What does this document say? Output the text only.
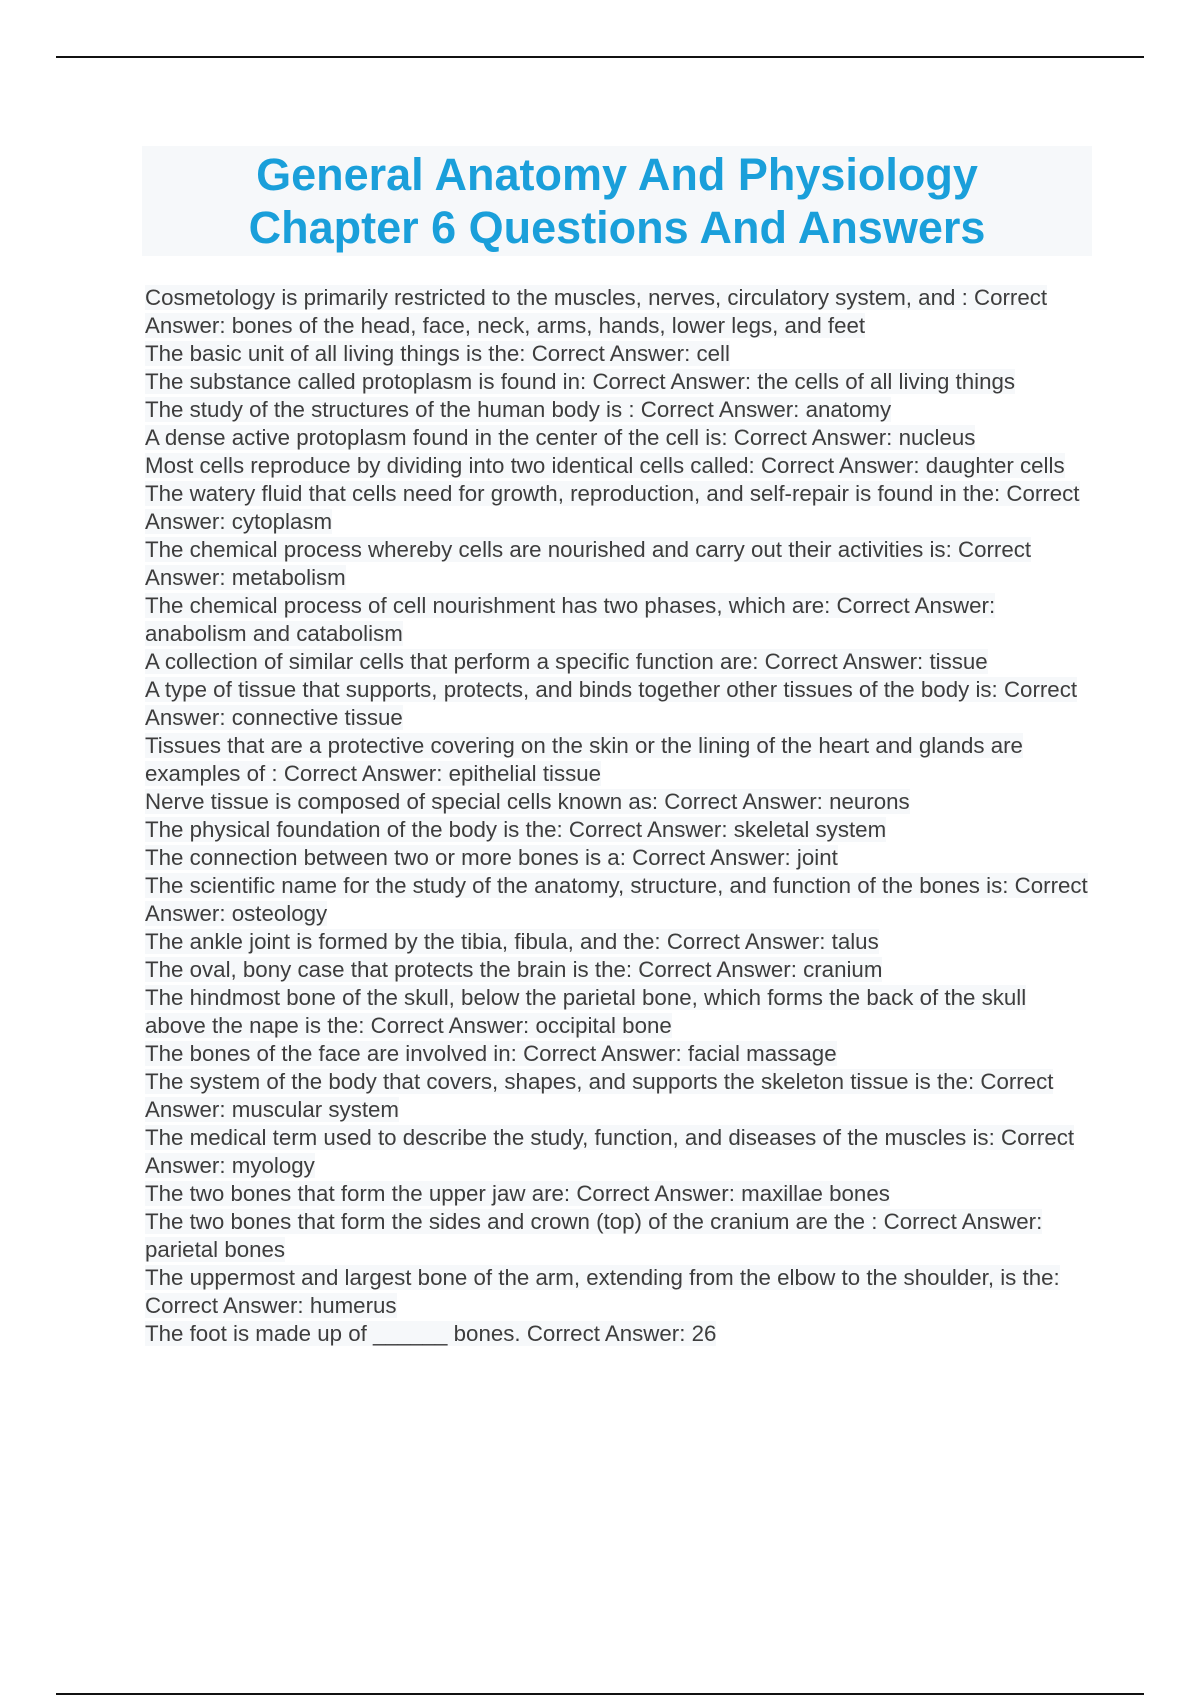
General Anatomy And Physiology
Chapter 6 Questions And Answers
Cosmetology is primarily restricted to the muscles, nerves, circulatory system, and : Correct Answer: bones of the head, face, neck, arms, hands, lower legs, and feet
The basic unit of all living things is the: Correct Answer: cell
The substance called protoplasm is found in: Correct Answer: the cells of all living things
The study of the structures of the human body is : Correct Answer: anatomy
A dense active protoplasm found in the center of the cell is: Correct Answer: nucleus
Most cells reproduce by dividing into two identical cells called: Correct Answer: daughter cells
The watery fluid that cells need for growth, reproduction, and self-repair is found in the: Correct Answer: cytoplasm
The chemical process whereby cells are nourished and carry out their activities is: Correct Answer: metabolism
The chemical process of cell nourishment has two phases, which are: Correct Answer: anabolism and catabolism
A collection of similar cells that perform a specific function are: Correct Answer: tissue
A type of tissue that supports, protects, and binds together other tissues of the body is: Correct Answer: connective tissue
Tissues that are a protective covering on the skin or the lining of the heart and glands are examples of : Correct Answer: epithelial tissue
Nerve tissue is composed of special cells known as: Correct Answer: neurons
The physical foundation of the body is the: Correct Answer: skeletal system
The connection between two or more bones is a: Correct Answer: joint
The scientific name for the study of the anatomy, structure, and function of the bones is: Correct Answer: osteology
The ankle joint is formed by the tibia, fibula, and the: Correct Answer: talus
The oval, bony case that protects the brain is the: Correct Answer: cranium
The hindmost bone of the skull, below the parietal bone, which forms the back of the skull above the nape is the: Correct Answer: occipital bone
The bones of the face are involved in: Correct Answer: facial massage
The system of the body that covers, shapes, and supports the skeleton tissue is the: Correct Answer: muscular system
The medical term used to describe the study, function, and diseases of the muscles is: Correct Answer: myology
The two bones that form the upper jaw are: Correct Answer: maxillae bones
The two bones that form the sides and crown (top) of the cranium are the : Correct Answer: parietal bones
The uppermost and largest bone of the arm, extending from the elbow to the shoulder, is the: Correct Answer: humerus
The foot is made up of ______ bones. Correct Answer: 26
